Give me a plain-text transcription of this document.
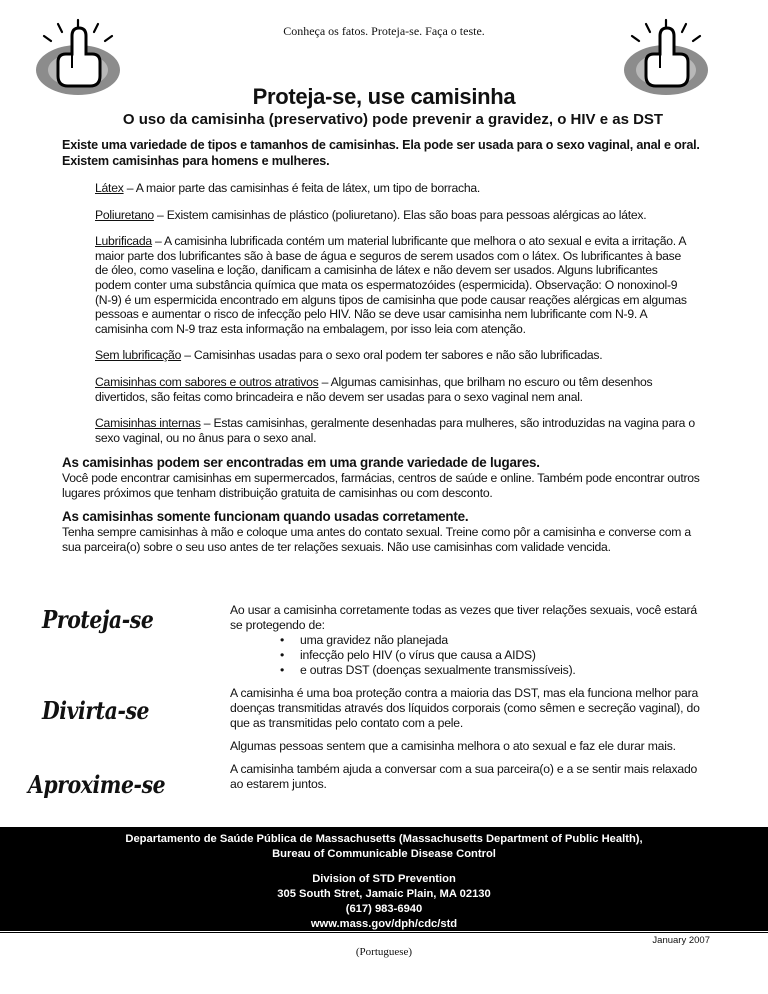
Conheça os fatos. Proteja-se. Faça o teste.
Proteja-se, use camisinha
O uso da camisinha (preservativo) pode prevenir a gravidez, o HIV e as DST
Existe uma variedade de tipos e tamanhos de camisinhas. Ela pode ser usada para o sexo vaginal, anal e oral. Existem camisinhas para homens e mulheres.
Látex – A maior parte das camisinhas é feita de látex, um tipo de borracha.
Poliuretano – Existem camisinhas de plástico (poliuretano). Elas são boas para pessoas alérgicas ao látex.
Lubrificada – A camisinha lubrificada contém um material lubrificante que melhora o ato sexual e evita a irritação. A maior parte dos lubrificantes são à base de água e seguros de serem usados com o látex. Os lubrificantes à base de óleo, como vaselina e loção, danificam a camisinha de látex e não devem ser usados. Alguns lubrificantes podem conter uma substância química que mata os espermatozóides (espermicida). Observação: O nonoxinol-9 (N-9) é um espermicida encontrado em alguns tipos de camisinha que pode causar reações alérgicas em algumas pessoas e aumentar o risco de infecção pelo HIV. Não se deve usar camisinha nem lubrificante com N-9. A camisinha com N-9 traz esta informação na embalagem, por isso leia com atenção.
Sem lubrificação – Camisinhas usadas para o sexo oral podem ter sabores e não são lubrificadas.
Camisinhas com sabores e outros atrativos – Algumas camisinhas, que brilham no escuro ou têm desenhos divertidos, são feitas como brincadeira e não devem ser usadas para o sexo vaginal nem anal.
Camisinhas internas – Estas camisinhas, geralmente desenhadas para mulheres, são introduzidas na vagina para o sexo vaginal, ou no ânus para o sexo anal.
As camisinhas podem ser encontradas em uma grande variedade de lugares.

Você pode encontrar camisinhas em supermercados, farmácias, centros de saúde e online. Também pode encontrar outros lugares próximos que tenham distribuição gratuita de camisinhas ou com desconto.

As camisinhas somente funcionam quando usadas corretamente.

Tenha sempre camisinhas à mão e coloque uma antes do contato sexual. Treine como pôr a camisinha e converse com a sua parceira(o) sobre o seu uso antes de ter relações sexuais. Não use camisinhas com validade vencida.

Proteja-se
Divirta-se
Aproxime-se

Ao usar a camisinha corretamente todas as vezes que tiver relações sexuais, você estará se protegendo de:

• uma gravidez não planejada
• infecção pelo HIV (o vírus que causa a AIDS)
• e outras DST (doenças sexualmente transmissíveis).

A camisinha é uma boa proteção contra a maioria das DST, mas ela funciona melhor para doenças transmitidas através dos líquidos corporais (como sêmen e secreção vaginal), do que as transmitidas pelo contato com a pele.

Algumas pessoas sentem que a camisinha melhora o ato sexual e faz ele durar mais.

A camisinha também ajuda a conversar com a sua parceira(o) e a se sentir mais relaxado ao estarem juntos.

Departamento de Saúde Pública de Massachusetts (Massachusetts Department of Public Health),
Bureau of Communicable Disease Control
Division of STD Prevention
305 South Stret, Jamaic Plain, MA 02130
(617) 983-6940
www.mass.gov/dph/cdc/std
January 2007
(Portuguese)
